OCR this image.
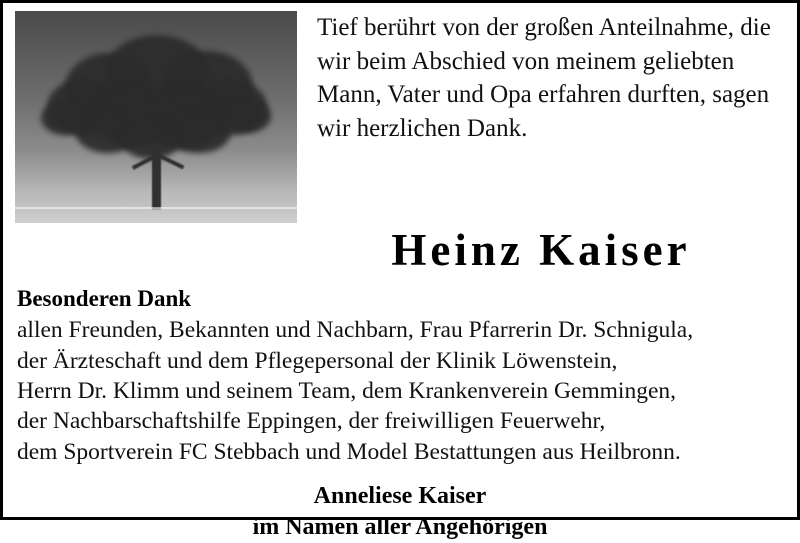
Tief berührt von der großen Anteilnahme, die wir beim Abschied von meinem geliebten Mann, Vater und Opa erfahren durften, sagen wir herzlichen Dank.

Heinz Kaiser
Besonderen Dank
allen Freunden, Bekannten und Nachbarn, Frau Pfarrerin Dr. Schnigula,
der Ärzteschaft und dem Pflegepersonal der Klinik Löwenstein,
Herrn Dr. Klimm und seinem Team, dem Krankenverein Gemmingen,
der Nachbarschaftshilfe Eppingen, der freiwilligen Feuerwehr,
dem Sportverein FC Stebbach und Model Bestattungen aus Heilbronn.
Anneliese Kaiser
im Namen aller Angehörigen
